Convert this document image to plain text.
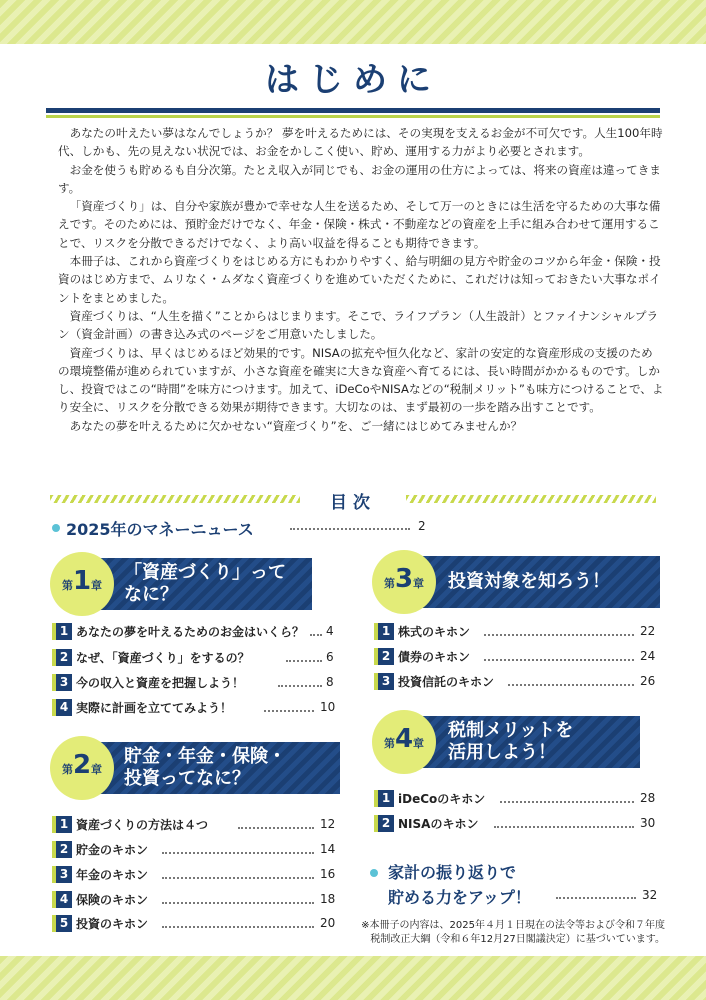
はじめに

あなたの叶えたい夢はなんでしょうか？ 夢を叶えるためには、その実現を支えるお金が不可欠です。人生100年時代、しかも、先の見えない状況では、お金をかしこく使い、貯め、運用する力がより必要とされます。

お金を使うも貯めるも自分次第。たとえ収入が同じでも、お金の運用の仕方によっては、将来の資産は違ってきます。

「資産づくり」は、自分や家族が豊かで幸せな人生を送るため、そして万一のときには生活を守るための大事な備えです。そのためには、預貯金だけでなく、年金・保険・株式・不動産などの資産を上手に組み合わせて運用することで、リスクを分散できるだけでなく、より高い収益を得ることも期待できます。

本冊子は、これから資産づくりをはじめる方にもわかりやすく、給与明細の見方や貯金のコツから年金・保険・投資のはじめ方まで、ムリなく・ムダなく資産づくりを進めていただくために、これだけは知っておきたい大事なポイントをまとめました。

資産づくりは、“人生を描く”ことからはじまります。そこで、ライフプラン（人生設計）とファイナンシャルプラン（資金計画）の書き込み式のページをご用意いたしました。

資産づくりは、早くはじめるほど効果的です。NISAの拡充や恒久化など、家計の安定的な資産形成の支援のための環境整備が進められていますが、小さな資産を確実に大きな資産へ育てるには、長い時間がかかるものです。しかし、投資ではこの“時間”を味方につけます。加えて、iDeCoやNISAなどの“税制メリット”も味方につけることで、より安全に、リスクを分散できる効果が期待できます。大切なのは、まず最初の一歩を踏み出すことです。

あなたの夢を叶えるために欠かせない“資産づくり”を、ご一緒にはじめてみませんか？

目次
2025年のマネーニュース	2
第1章
「資産づくり」って
なに？
1 あなたの夢を叶えるためのお金はいくら？ 4
2 なぜ、「資産づくり」をするの？	6
3 今の収入と資産を把握しよう！	8
4 実際に計画を立ててみよう！	10
第2章
貯金・年金・保険・
投資ってなに？
1 資産づくりの方法は４つ	12
2 貯金のキホン	14
3 年金のキホン	16
4 保険のキホン	18
5 投資のキホン	20
第3章	投資対象を知ろう！
1 株式のキホン	22
2 債券のキホン	24
3 投資信託のキホン	26
第4章
税制メリットを
活用しよう！
1 iDeCoのキホン	28
2 NISAのキホン	30
家計の振り返りで
貯める力をアップ！	32
※本冊子の内容は、2025年４月１日現在の法令等および令和７年度
税制改正大綱（令和６年12月27日閣議決定）に基づいています。
